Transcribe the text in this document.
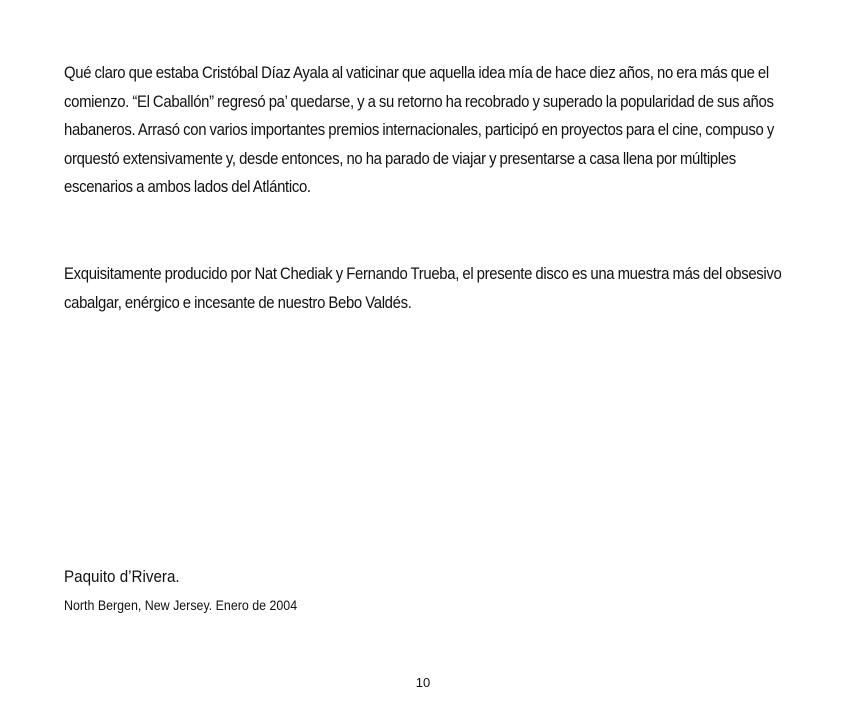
Qué claro que estaba Cristóbal Díaz Ayala al vaticinar que aquella idea mía de hace diez años, no era más que el comienzo. “El Caballón” regresó pa’ quedarse, y a su retorno ha recobrado y superado la popularidad de sus años habaneros. Arrasó con varios importantes premios internacionales, participó en proyectos para el cine, compuso y orquestó extensivamente y, desde entonces, no ha parado de viajar y presentarse a casa llena por múltiples escenarios a ambos lados del Atlántico.

Exquisitamente producido por Nat Chediak y Fernando Trueba, el presente disco es una muestra más del obsesivo cabalgar, enérgico e incesante de nuestro Bebo Valdés.

Paquito d’Rivera.

North Bergen, New Jersey. Enero de 2004

10
